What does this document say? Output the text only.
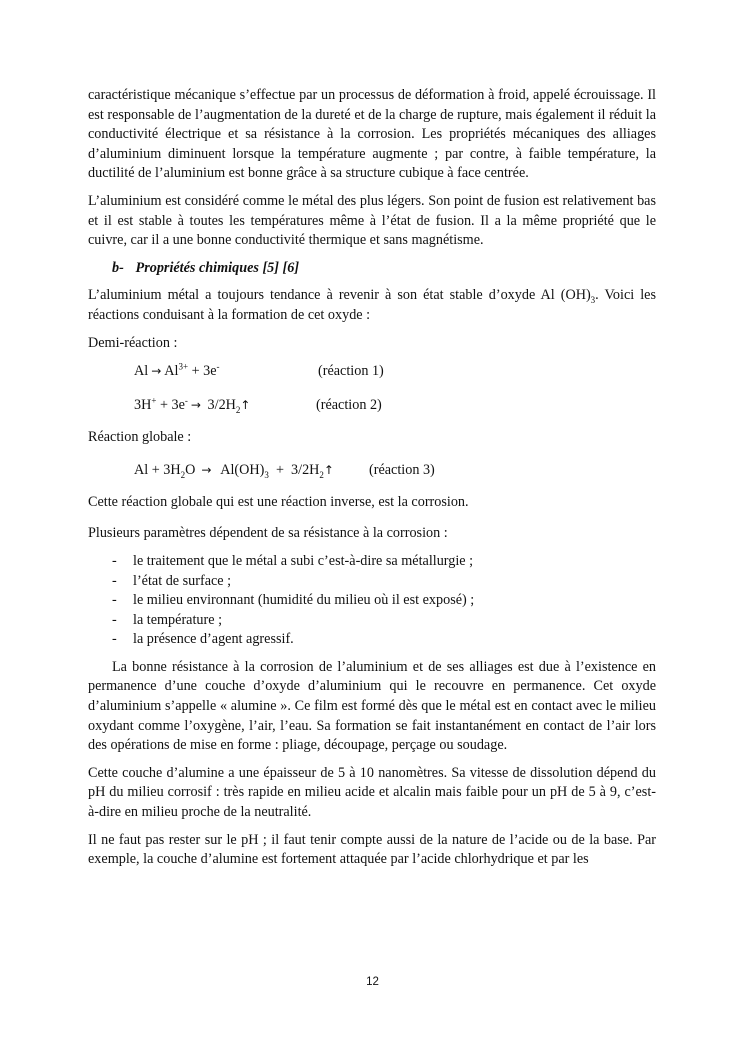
caractéristique mécanique s’effectue par un processus de déformation à froid, appelé écrouissage. Il est responsable de l’augmentation de la dureté et de la charge de rupture, mais également il réduit la conductivité électrique et sa résistance à la corrosion. Les propriétés mécaniques des alliages d’aluminium diminuent lorsque la température augmente ; par contre, à faible température, la ductilité de l’aluminium est bonne grâce à sa structure cubique à face centrée.

L’aluminium est considéré comme le métal des plus légers. Son point de fusion est relativement bas et il est stable à toutes les températures même à l’état de fusion. Il a la même propriété que le cuivre, car il a une bonne conductivité thermique et sans magnétisme.

b- Propriétés chimiques [5] [6]

L’aluminium métal a toujours tendance à revenir à son état stable d’oxyde Al $(OH)_3$. Voici les réactions conduisant à la formation de cet oxyde :

Demi-réaction :

$Al \to Al^{3+} + 3e^-$	(réaction 1)
$3H^+ + 3e^- \to 3/2H_2↑$	(réaction 2)

Réaction globale :

$Al + 3H_2O \to Al(OH)_3$  +  $3/2H_2↑$ (réaction 3)

Cette réaction globale qui est une réaction inverse, est la corrosion.

Plusieurs paramètres dépendent de sa résistance à la corrosion :

- le traitement que le métal a subi c’est-à-dire sa métallurgie ;
- l’état de surface ;
- le milieu environnant (humidité du milieu où il est exposé) ;
- la température ;
- la présence d’agent agressif.

La bonne résistance à la corrosion de l’aluminium et de ses alliages est due à l’existence en permanence d’une couche d’oxyde d’aluminium qui le recouvre en permanence. Cet oxyde d’aluminium s’appelle « alumine ». Ce film est formé dès que le métal est en contact avec le milieu oxydant comme l’oxygène, l’air, l’eau. Sa formation se fait instantanément en contact de l’air lors des opérations de mise en forme : pliage, découpage, perçage ou soudage.

Cette couche d’alumine a une épaisseur de 5 à 10 nanomètres. Sa vitesse de dissolution dépend du pH du milieu corrosif : très rapide en milieu acide et alcalin mais faible pour un pH de 5 à 9, c’est-à-dire en milieu proche de la neutralité.

Il ne faut pas rester sur le pH ; il faut tenir compte aussi de la nature de l’acide ou de la base. Par exemple, la couche d’alumine est fortement attaquée par l’acide chlorhydrique et par les

12
